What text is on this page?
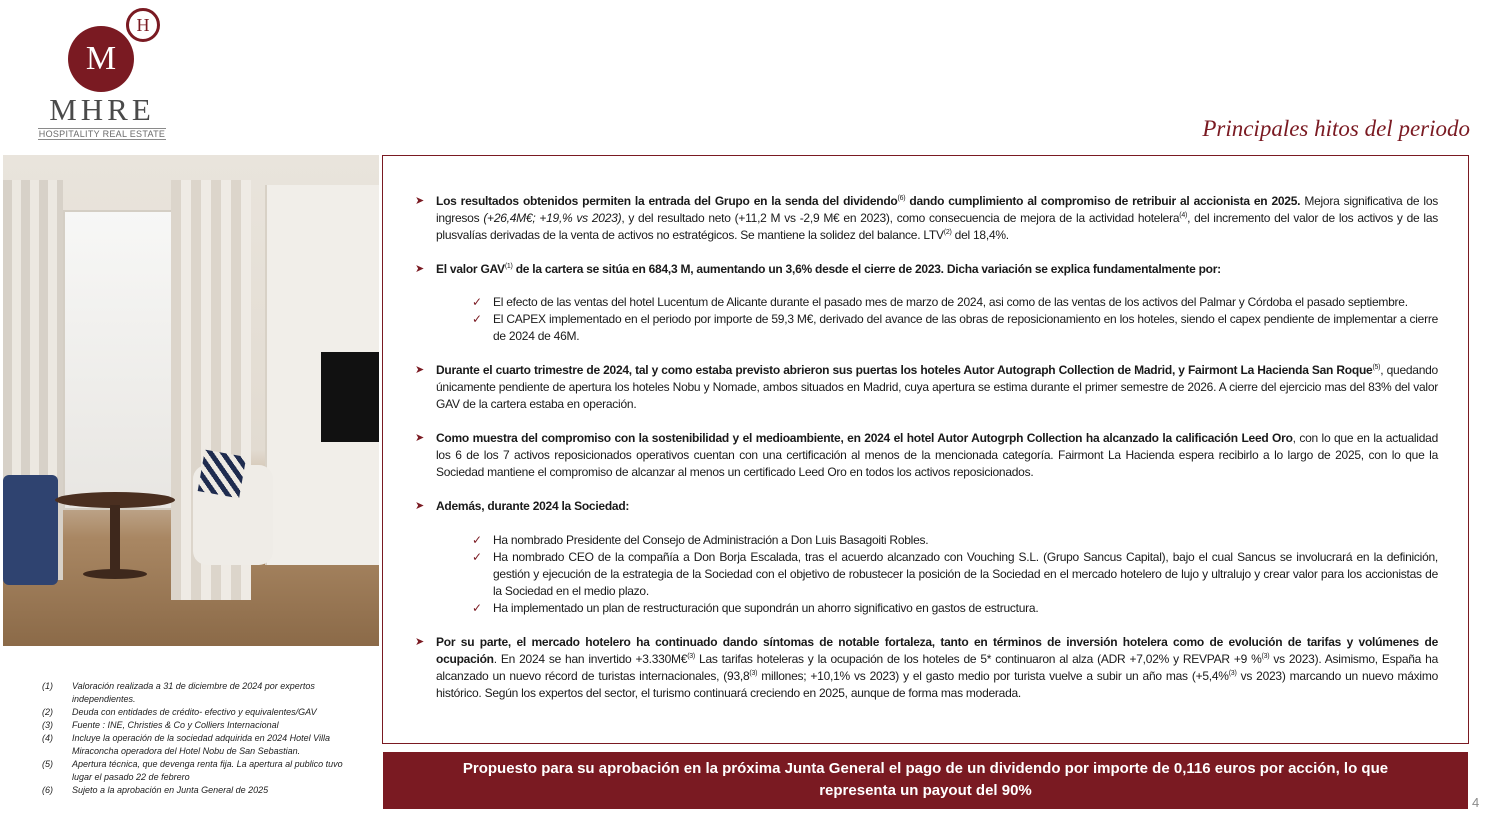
M
H
MHRE
HOSPITALITY REAL ESTATE	Principales hitos del periodo
(1)	Valoración realizada a 31 de diciembre de 2024 por expertos independientes.
(2)	Deuda con entidades de crédito- efectivo y equivalentes/GAV
(3)	Fuente : INE, Christies & Co y Colliers Internacional
(4)	Incluye la operación de la sociedad adquirida en 2024 Hotel Villa Miraconcha operadora del Hotel Nobu de San Sebastian.
(5)	Apertura técnica, que devenga renta fija. La apertura al publico tuvo lugar el pasado 22 de febrero
(6)	Sujeto a la aprobación en Junta General de 2025
➤ Los resultados obtenidos permiten la entrada del Grupo en la senda del dividendo$^{(6)}$ dando cumplimiento al compromiso de retribuir al accionista en 2025. Mejora significativa de los ingresos (+26,4M€; +19,% vs 2023), y del resultado neto (+11,2 M vs -2,9 M€ en 2023), como consecuencia de mejora de la actividad hotelera$^{(4)}$, del incremento del valor de los activos y de las plusvalías derivadas de la venta de activos no estratégicos. Se mantiene la solidez del balance. LTV$^{(2)}$ del 18,4%.
➤ El valor GAV$^{(1)}$ de la cartera se sitúa en 684,3 M, aumentando un 3,6% desde el cierre de 2023. Dicha variación se explica fundamentalmente por:
✓ El efecto de las ventas del hotel Lucentum de Alicante durante el pasado mes de marzo de 2024, asi como de las ventas de los activos del Palmar y Córdoba el pasado septiembre.
✓ El CAPEX implementado en el periodo por importe de 59,3 M€, derivado del avance de las obras de reposicionamiento en los hoteles, siendo el capex pendiente de implementar a cierre de 2024 de 46M.
➤ Durante el cuarto trimestre de 2024, tal y como estaba previsto abrieron sus puertas los hoteles Autor Autograph Collection de Madrid, y Fairmont La Hacienda San Roque$^{(5)}$, quedando únicamente pendiente de apertura los hoteles Nobu y Nomade, ambos situados en Madrid, cuya apertura se estima durante el primer semestre de 2026. A cierre del ejercicio mas del 83% del valor GAV de la cartera estaba en operación.
➤ Como muestra del compromiso con la sostenibilidad y el medioambiente, en 2024 el hotel Autor Autogrph Collection ha alcanzado la calificación Leed Oro, con lo que en la actualidad los 6 de los 7 activos reposicionados operativos cuentan con una certificación al menos de la mencionada categoría. Fairmont La Hacienda espera recibirlo a lo largo de 2025, con lo que la Sociedad mantiene el compromiso de alcanzar al menos un certificado Leed Oro en todos los activos reposicionados.
➤ Además, durante 2024 la Sociedad:
✓ Ha nombrado Presidente del Consejo de Administración a Don Luis Basagoiti Robles.
✓ Ha nombrado CEO de la compañía a Don Borja Escalada, tras el acuerdo alcanzado con Vouching S.L. (Grupo Sancus Capital), bajo el cual Sancus se involucrará en la definición, gestión y ejecución de la estrategia de la Sociedad con el objetivo de robustecer la posición de la Sociedad en el mercado hotelero de lujo y ultralujo y crear valor para los accionistas de la Sociedad en el medio plazo.
✓ Ha implementado un plan de restructuración que supondrán un ahorro significativo en gastos de estructura.
➤ Por su parte, el mercado hotelero ha continuado dando síntomas de notable fortaleza, tanto en términos de inversión hotelera como de evolución de tarifas y volúmenes de ocupación. En 2024 se han invertido +3.330M€$^{(3)}$ Las tarifas hoteleras y la ocupación de los hoteles de 5* continuaron al alza (ADR +7,02% y REVPAR +9 %$^{(3)}$ vs 2023). Asimismo, España ha alcanzado un nuevo récord de turistas internacionales, (93,8$^{(3)}$ millones; +10,1% vs 2023) y el gasto medio por turista vuelve a subir un año mas (+5,4%$^{(3)}$ vs 2023) marcando un nuevo máximo histórico. Según los expertos del sector, el turismo continuará creciendo en 2025, aunque de forma mas moderada.
Propuesto para su aprobación en la próxima Junta General el pago de un dividendo por importe de 0,116 euros por acción, lo que
representa un payout del 90%
4
